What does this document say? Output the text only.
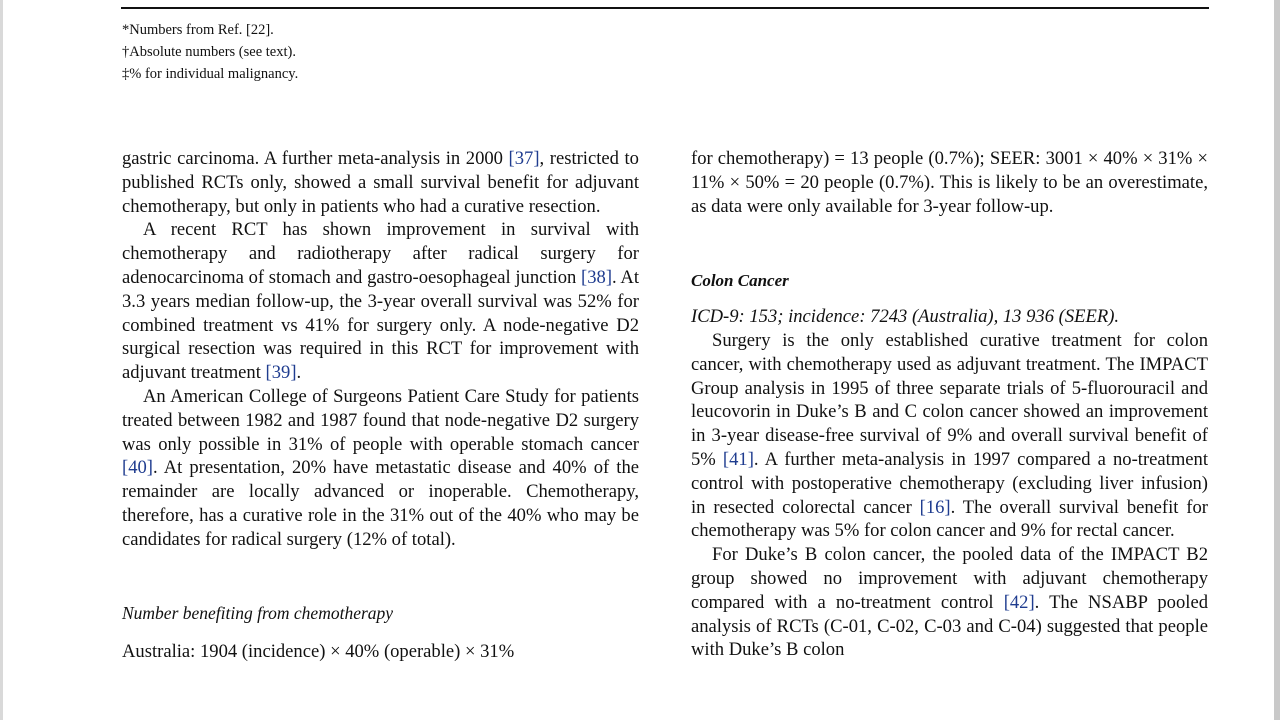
*Numbers from Ref. [22].
†Absolute numbers (see text).
‡% for individual malignancy.

gastric carcinoma. A further meta-analysis in 2000 [37], restricted to published RCTs only, showed a small survival benefit for adjuvant chemotherapy, but only in patients who had a curative resection.

A recent RCT has shown improvement in survival with chemotherapy and radiotherapy after radical surgery for adenocarcinoma of stomach and gastro-oesophageal junction [38]. At 3.3 years median follow-up, the 3-year overall survival was 52% for combined treatment vs 41% for surgery only. A node-negative D2 surgical resection was required in this RCT for improvement with adjuvant treatment [39].

An American College of Surgeons Patient Care Study for patients treated between 1982 and 1987 found that node-negative D2 surgery was only possible in 31% of people with operable stomach cancer [40]. At presentation, 20% have metastatic disease and 40% of the remainder are locally advanced or inoperable. Chemotherapy, therefore, has a curative role in the 31% out of the 40% who may be candidates for radical surgery (12% of total).

Number benefiting from chemotherapy

Australia: 1904 (incidence) × 40% (operable) × 31%

for chemotherapy) = 13 people (0.7%); SEER: 3001 × 40% × 31% × 11% × 50% = 20 people (0.7%). This is likely to be an overestimate, as data were only available for 3-year follow-up.

Colon Cancer

ICD-9: 153; incidence: 7243 (Australia), 13 936 (SEER).

Surgery is the only established curative treatment for colon cancer, with chemotherapy used as adjuvant treatment. The IMPACT Group analysis in 1995 of three separate trials of 5-fluorouracil and leucovorin in Duke’s B and C colon cancer showed an improvement in 3-year disease-free survival of 9% and overall survival benefit of 5% [41]. A further meta-analysis in 1997 compared a no-treatment control with postoperative chemotherapy (excluding liver infusion) in resected colorectal cancer [16]. The overall survival benefit for chemotherapy was 5% for colon cancer and 9% for rectal cancer.

For Duke’s B colon cancer, the pooled data of the IMPACT B2 group showed no improvement with adjuvant chemotherapy compared with a no-treatment control [42]. The NSABP pooled analysis of RCTs (C-01, C-02, C-03 and C-04) suggested that people with Duke’s B colon
